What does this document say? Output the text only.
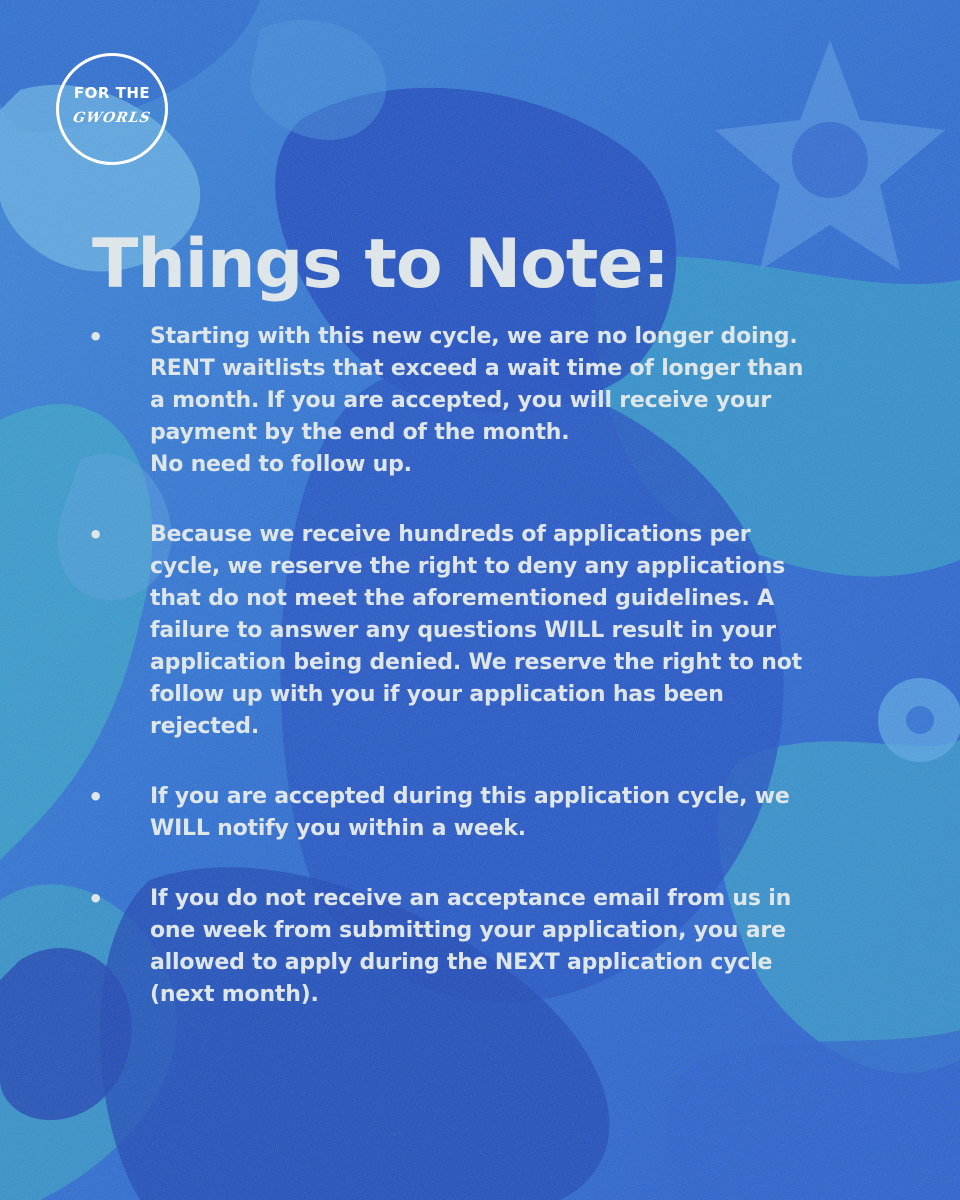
FOR THE
GWORLS
Things to Note:
• Starting with this new cycle, we are no longer doing.
RENT waitlists that exceed a wait time of longer than
a month. If you are accepted, you will receive your
payment by the end of the month.
No need to follow up.
• Because we receive hundreds of applications per
cycle, we reserve the right to deny any applications
that do not meet the aforementioned guidelines. A
failure to answer any questions WILL result in your
application being denied. We reserve the right to not
follow up with you if your application has been
rejected.
• If you are accepted during this application cycle, we
WILL notify you within a week.
• If you do not receive an acceptance email from us in
one week from submitting your application, you are
allowed to apply during the NEXT application cycle
(next month).
